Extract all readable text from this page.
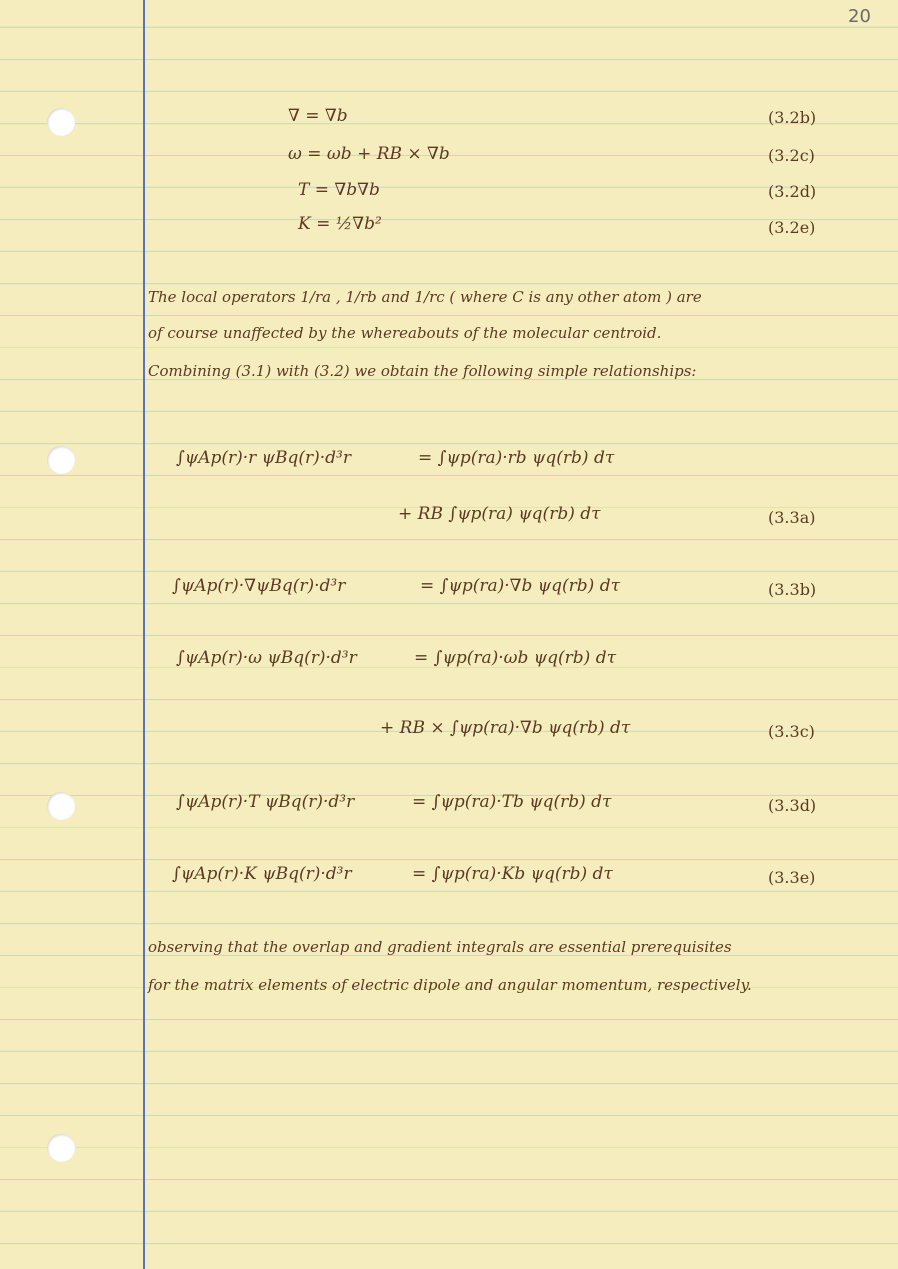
20
∇ = ∇b	(3.2b)
ω = ωb + RB × ∇b	(3.2c)
T = ∇b∇b	(3.2d)
K = ½∇b²	(3.2e)
The local operators 1/ra , 1/rb and 1/rc ( where C is any other atom ) are
of course unaffected by the whereabouts of the molecular centroid.
Combining (3.1) with (3.2) we obtain the following simple relationships:
∫ψAp(r)·r ψBq(r)·d³r	= ∫ψp(ra)·rb ψq(rb) dτ
+ RB ∫ψp(ra) ψq(rb) dτ	(3.3a)
∫ψAp(r)·∇ψBq(r)·d³r	= ∫ψp(ra)·∇b ψq(rb) dτ	(3.3b)
∫ψAp(r)·ω ψBq(r)·d³r	= ∫ψp(ra)·ωb ψq(rb) dτ
+ RB × ∫ψp(ra)·∇b ψq(rb) dτ	(3.3c)
∫ψAp(r)·T ψBq(r)·d³r	= ∫ψp(ra)·Tb ψq(rb) dτ	(3.3d)
∫ψAp(r)·K ψBq(r)·d³r	= ∫ψp(ra)·Kb ψq(rb) dτ	(3.3e)
observing that the overlap and gradient integrals are essential prerequisites
for the matrix elements of electric dipole and angular momentum, respectively.
